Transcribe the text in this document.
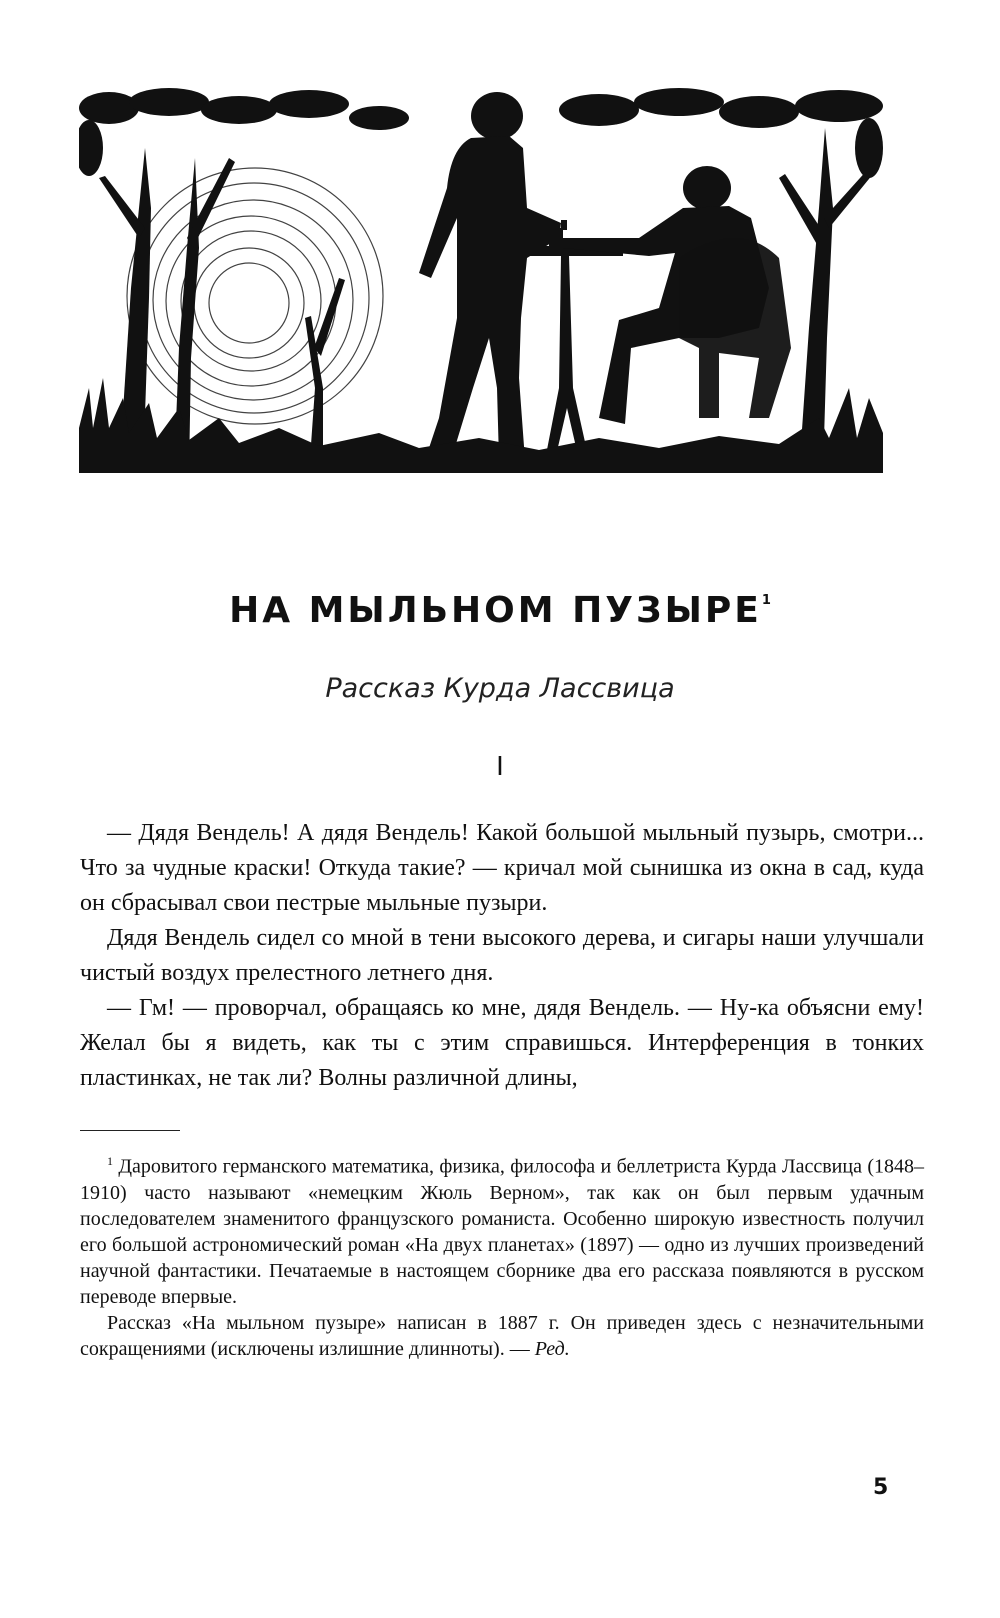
НА МЫЛЬНОМ ПУЗЫРЕ$^1$
Рассказ Курда Лассвица
I

— Дядя Вендель! А дядя Вендель! Какой большой мыльный пузырь, смотри... Что за чудные краски! Откуда такие? — кричал мой сынишка из окна в сад, куда он сбрасывал свои пестрые мыльные пузыри.

Дядя Вендель сидел со мной в тени высокого дерева, и сигары наши улучшали чистый воздух прелестного летнего дня.

— Гм! — проворчал, обращаясь ко мне, дядя Вендель. — Ну-ка объясни ему! Желал бы я видеть, как ты с этим справишься. Интерференция в тонких пластинках, не так ли? Волны различной длины,

$^1$ Даровитого германского математика, физика, философа и беллетриста Курда Лассвица (1848–1910) часто называют «немецким Жюль Верном», так как он был первым удачным последователем знаменитого французского романиста. Особенно широкую известность получил его большой астрономический роман «На двух планетах» (1897) — одно из лучших произведений научной фантастики. Печатаемые в настоящем сборнике два его рассказа появляются в русском переводе впервые.

Рассказ «На мыльном пузыре» написан в 1887 г. Он приведен здесь с незначительными сокращениями (исключены излишние длинноты). — Ред.

5
